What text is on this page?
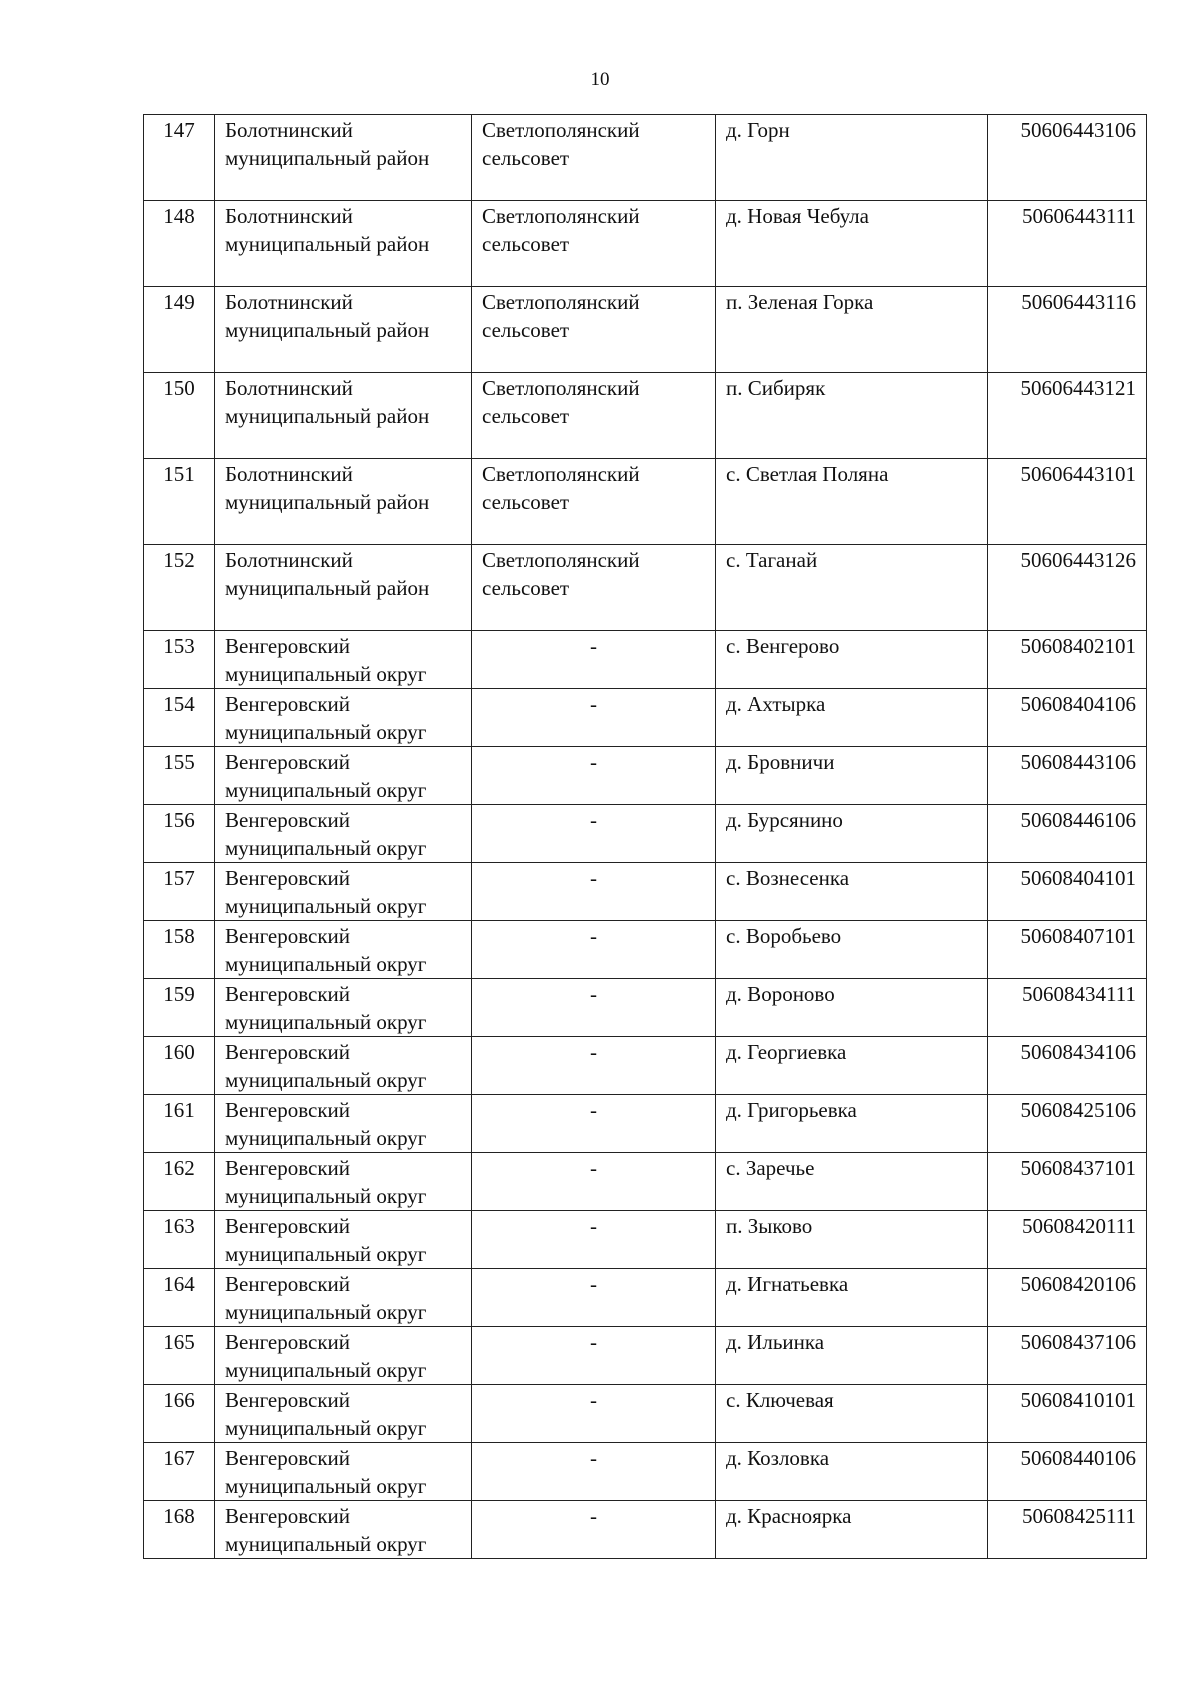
10
147	Болотнинский муниципальный район	Светлополянский сельсовет	д. Горн	50606443106
148	Болотнинский муниципальный район	Светлополянский сельсовет	д. Новая Чебула	50606443111
149	Болотнинский муниципальный район	Светлополянский сельсовет	п. Зеленая Горка	50606443116
150	Болотнинский муниципальный район	Светлополянский сельсовет	п. Сибиряк	50606443121
151	Болотнинский муниципальный район	Светлополянский сельсовет	с. Светлая Поляна	50606443101
152	Болотнинский муниципальный район	Светлополянский сельсовет	с. Таганай	50606443126
153	Венгеровский муниципальный округ	-	с. Венгерово	50608402101
154	Венгеровский муниципальный округ	-	д. Ахтырка	50608404106
155	Венгеровский муниципальный округ	-	д. Бровничи	50608443106
156	Венгеровский муниципальный округ	-	д. Бурсянино	50608446106
157	Венгеровский муниципальный округ	-	с. Вознесенка	50608404101
158	Венгеровский муниципальный округ	-	с. Воробьево	50608407101
159	Венгеровский муниципальный округ	-	д. Вороново	50608434111
160	Венгеровский муниципальный округ	-	д. Георгиевка	50608434106
161	Венгеровский муниципальный округ	-	д. Григорьевка	50608425106
162	Венгеровский муниципальный округ	-	с. Заречье	50608437101
163	Венгеровский муниципальный округ	-	п. Зыково	50608420111
164	Венгеровский муниципальный округ	-	д. Игнатьевка	50608420106
165	Венгеровский муниципальный округ	-	д. Ильинка	50608437106
166	Венгеровский муниципальный округ	-	с. Ключевая	50608410101
167	Венгеровский муниципальный округ	-	д. Козловка	50608440106
168	Венгеровский муниципальный округ	-	д. Краснoярка	50608425111
